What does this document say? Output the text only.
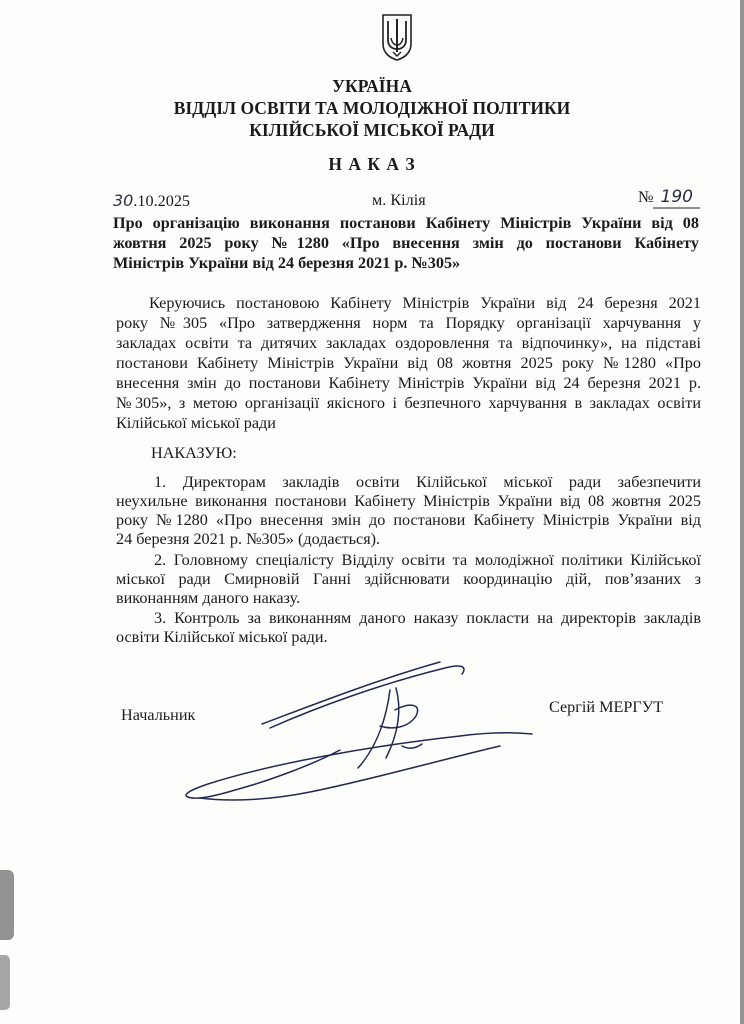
УКРАЇНА
ВІДДІЛ ОСВІТИ ТА МОЛОДІЖНОЇ ПОЛІТИКИ
КІЛІЙСЬКОЇ МІСЬКОЇ РАДИ
Н А К А З
30.10.2025	м. Кілія	№ 190
Про організацію виконання постанови Кабінету Міністрів України від 08
жовтня 2025 року №1280 «Про внесення змін до постанови Кабінету
Міністрів України від 24 березня 2021 р. №305»
Керуючись постановою Кабінету Міністрів України від 24 березня 2021
року №305 «Про затвердження норм та Порядку організації харчування у
закладах освіти та дитячих закладах оздоровлення та відпочинку», на підставі
постанови Кабінету Міністрів України від 08 жовтня 2025 року №1280 «Про
внесення змін до постанови Кабінету Міністрів України від 24 березня 2021 р.
№305», з метою організації якісного і безпечного харчування в закладах освіти
Кілійської міської ради
НАКАЗУЮ:
1. Директорам закладів освіти Кілійської міської ради забезпечити
неухильне виконання постанови Кабінету Міністрів України від 08 жовтня 2025
року №1280 «Про внесення змін до постанови Кабінету Міністрів України від
24 березня 2021 р. №305» (додається).
2. Головному спеціалісту Відділу освіти та молодіжної політики Кілійської
міської ради Смирновій Ганні здійснювати координацію дій, пов’язаних з
виконанням даного наказу.
3. Контроль за виконанням даного наказу покласти на директорів закладів
освіти Кілійської міської ради.
Начальник	Сергій МЕРГУТ
